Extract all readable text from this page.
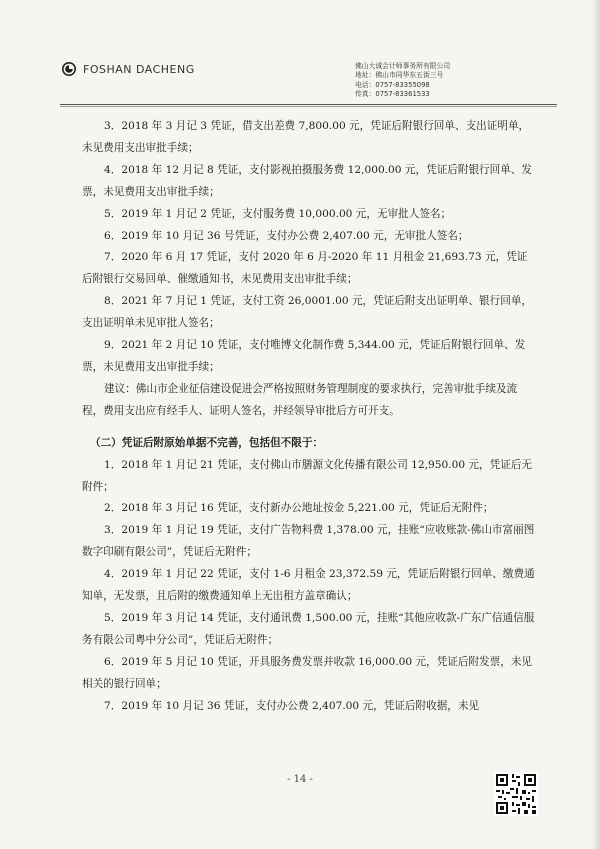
FOSHAN DACHENG	佛山大诚会计师事务所有限公司
地址：佛山市同华东五街三号
电话：0757-83355098
传真：0757-83361533

3．2018 年 3 月记 3 凭证，借支出差费 7,800.00 元，凭证后附银行回单、支出证明单，未见费用支出审批手续；

4．2018 年 12 月记 8 凭证，支付影视拍摄服务费 12,000.00 元，凭证后附银行回单、发票，未见费用支出审批手续；

5．2019 年 1 月记 2 凭证，支付服务费 10,000.00 元，无审批人签名；

6．2019 年 10 月记 36 号凭证，支付办公费 2,407.00 元，无审批人签名；

7．2020 年 6 月 17 凭证，支付 2020 年 6 月-2020 年 11 月租金 21,693.73 元，凭证后附银行交易回单、催缴通知书，未见费用支出审批手续；

8．2021 年 7 月记 1 凭证，支付工资 26,0001.00 元，凭证后附支出证明单、银行回单，支出证明单未见审批人签名；

9．2021 年 2 月记 10 凭证，支付唯博文化制作费 5,344.00 元，凭证后附银行回单、发票，未见费用支出审批手续；

建议：佛山市企业征信建设促进会严格按照财务管理制度的要求执行，完善审批手续及流程，费用支出应有经手人、证明人签名，并经领导审批后方可开支。

（二）凭证后附原始单据不完善，包括但不限于：

1．2018 年 1 月记 21 凭证，支付佛山市膳源文化传播有限公司 12,950.00 元，凭证后无附件；

2．2018 年 3 月记 16 凭证，支付新办公地址按金 5,221.00 元，凭证后无附件；

3．2019 年 1 月记 19 凭证，支付广告物料费 1,378.00 元，挂账“应收账款-佛山市富丽图数字印刷有限公司”，凭证后无附件；

4．2019 年 1 月记 22 凭证，支付 1-6 月租金 23,372.59 元，凭证后附银行回单、缴费通知单，无发票，且后附的缴费通知单上无出租方盖章确认；

5．2019 年 3 月记 14 凭证，支付通讯费 1,500.00 元，挂账“其他应收款-广东广信通信服务有限公司粤中分公司”，凭证后无附件；

6．2019 年 5 月记 10 凭证，开具服务费发票并收款 16,000.00 元，凭证后附发票，未见相关的银行回单；

7．2019 年 10 月记 36 凭证，支付办公费 2,407.00 元，凭证后附收据，未见

- 14 -
